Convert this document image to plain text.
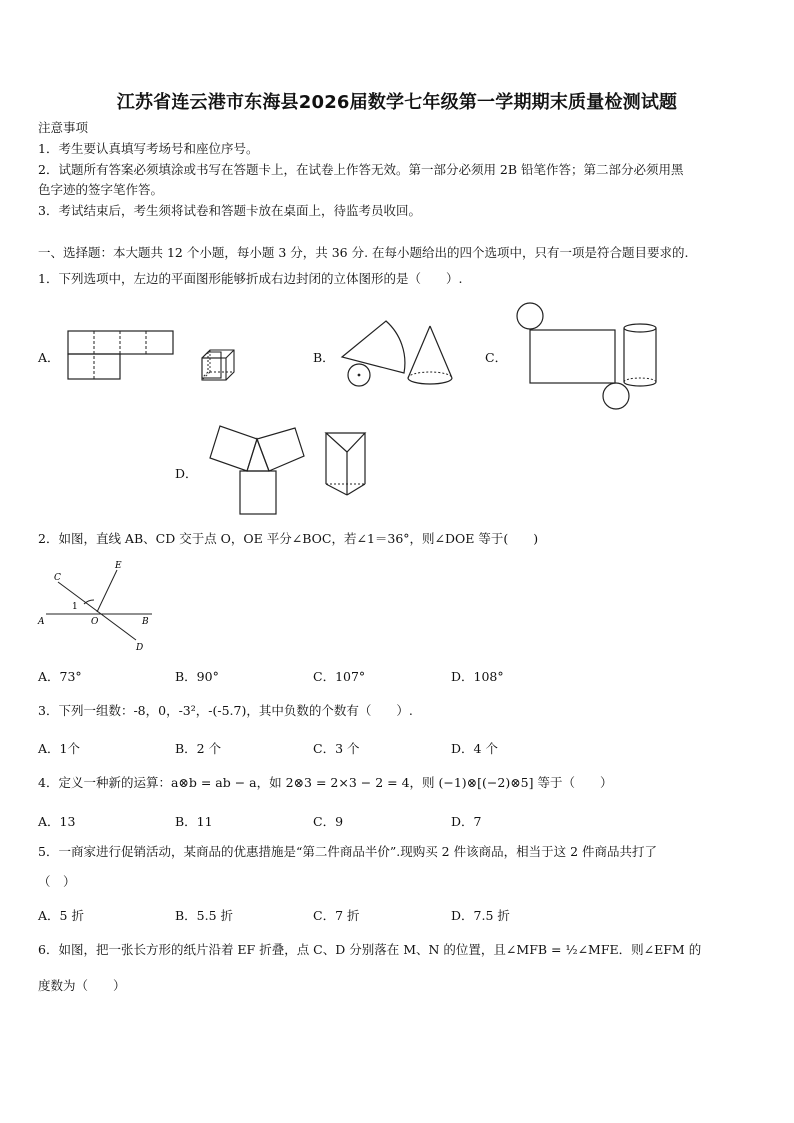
江苏省连云港市东海县2026届数学七年级第一学期期末质量检测试题
注意事项
1．考生要认真填写考场号和座位序号。
2．试题所有答案必须填涂或书写在答题卡上，在试卷上作答无效。第一部分必须用 2B 铅笔作答；第二部分必须用黑
色字迹的签字笔作答。
3．考试结束后，考生须将试卷和答题卡放在桌面上，待监考员收回。
一、选择题：本大题共 12 个小题，每小题 3 分，共 36 分. 在每小题给出的四个选项中，只有一项是符合题目要求的.
1．下列选项中，左边的平面图形能够折成右边封闭的立体图形的是（　　）.
A．	B．	C．
D．
2．如图，直线 AB、CD 交于点 O，OE 平分∠BOC，若∠1＝36°，则∠DOE 等于(　　)
C
E
1
A	O	B
D
A．73°	B．90°	C．107°	D．108°
3．下列一组数：-8，0，-3²，-(-5.7)，其中负数的个数有（　　）.
A．1个	B．2 个	C．3 个	D．4 个
4．定义一种新的运算：a⊗b = ab − a，如 2⊗3 = 2×3 − 2 = 4，则 (−1)⊗[(−2)⊗5] 等于（　　）
A．13	B．11	C．9	D．7
5．一商家进行促销活动，某商品的优惠措施是“第二件商品半价”.现购买 2 件该商品，相当于这 2 件商品共打了
（　）
A．5 折	B．5.5 折	C．7 折	D．7.5 折
6．如图，把一张长方形的纸片沿着 EF 折叠，点 C、D 分别落在 M、N 的位置，且∠MFB = ½∠MFE．则∠EFM 的
度数为（　　）
